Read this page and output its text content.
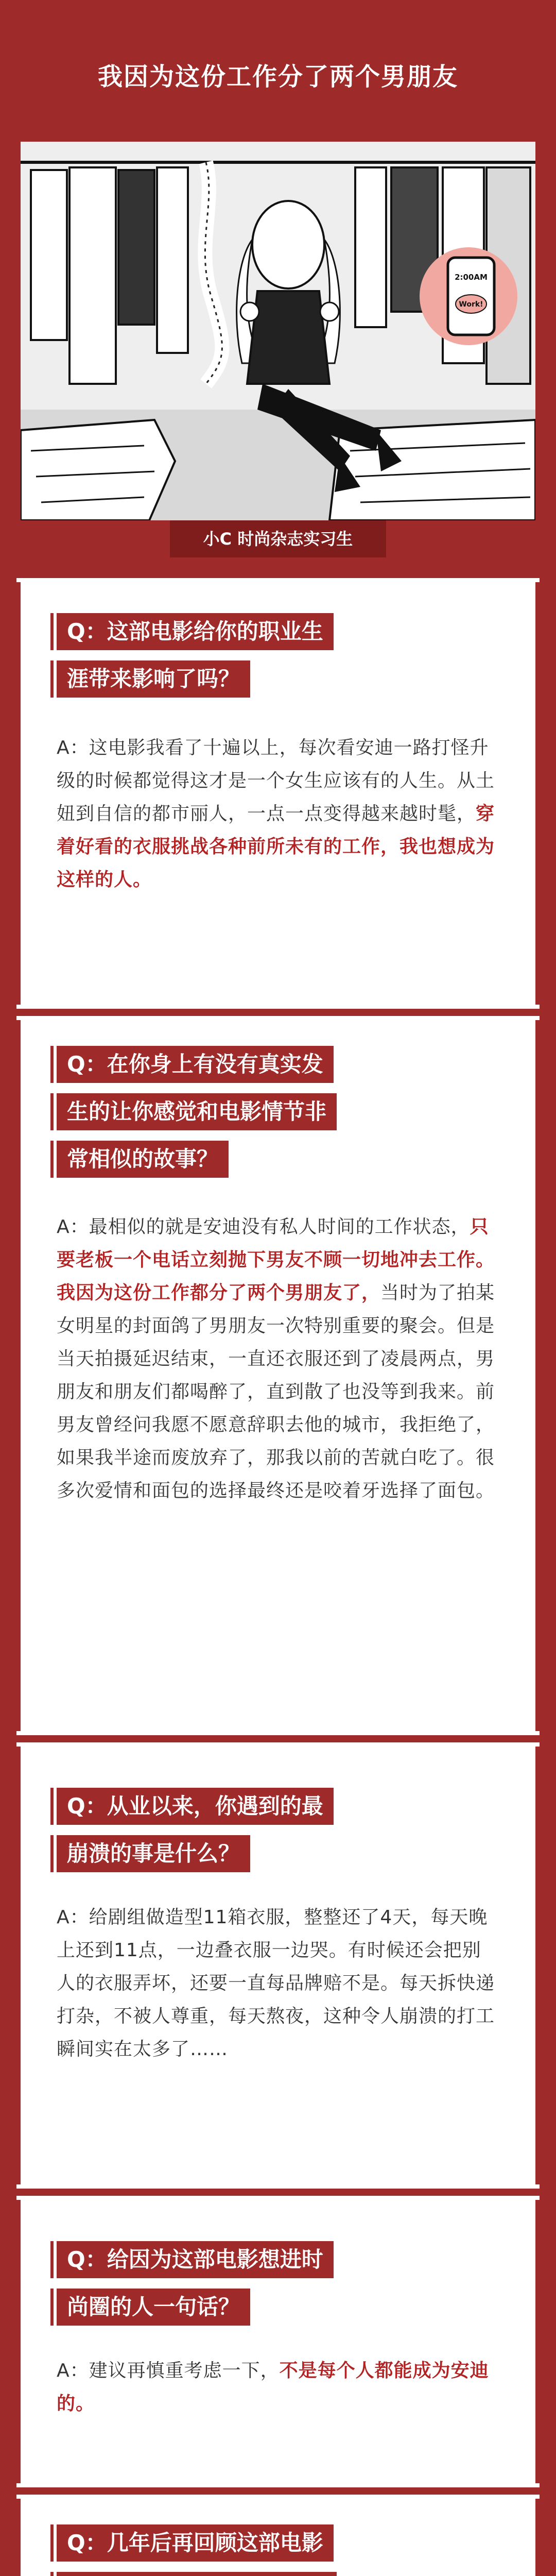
我因为这份工作分了两个男朋友
2:00AM
Work!
小C 时尚杂志实习生
Q：这部电影给你的职业生
涯带来影响了吗？

A：这电影我看了十遍以上，每次看安迪一路打怪升级的时候都觉得这才是一个女生应该有的人生。从土妞到自信的都市丽人，一点一点变得越来越时髦，穿着好看的衣服挑战各种前所未有的工作，我也想成为这样的人。

Q：在你身上有没有真实发
生的让你感觉和电影情节非
常相似的故事？

A：最相似的就是安迪没有私人时间的工作状态，只要老板一个电话立刻抛下男友不顾一切地冲去工作。

我因为这份工作都分了两个男朋友了，当时为了拍某女明星的封面鸽了男朋友一次特别重要的聚会。但是当天拍摄延迟结束，一直还衣服还到了凌晨两点，男朋友和朋友们都喝醉了，直到散了也没等到我来。前男友曾经问我愿不愿意辞职去他的城市，我拒绝了，如果我半途而废放弃了，那我以前的苦就白吃了。很多次爱情和面包的选择最终还是咬着牙选择了面包。

Q：从业以来，你遇到的最
崩溃的事是什么？

A：给剧组做造型11箱衣服，整整还了4天，每天晚上还到11点，一边叠衣服一边哭。有时候还会把别人的衣服弄坏，还要一直每品牌赔不是。每天拆快递打杂，不被人尊重，每天熬夜，这种令人崩溃的打工瞬间实在太多了……

Q：给因为这部电影想进时
尚圈的人一句话？

A：建议再慎重考虑一下，不是每个人都能成为安迪的。

Q：几年后再回顾这部电影
